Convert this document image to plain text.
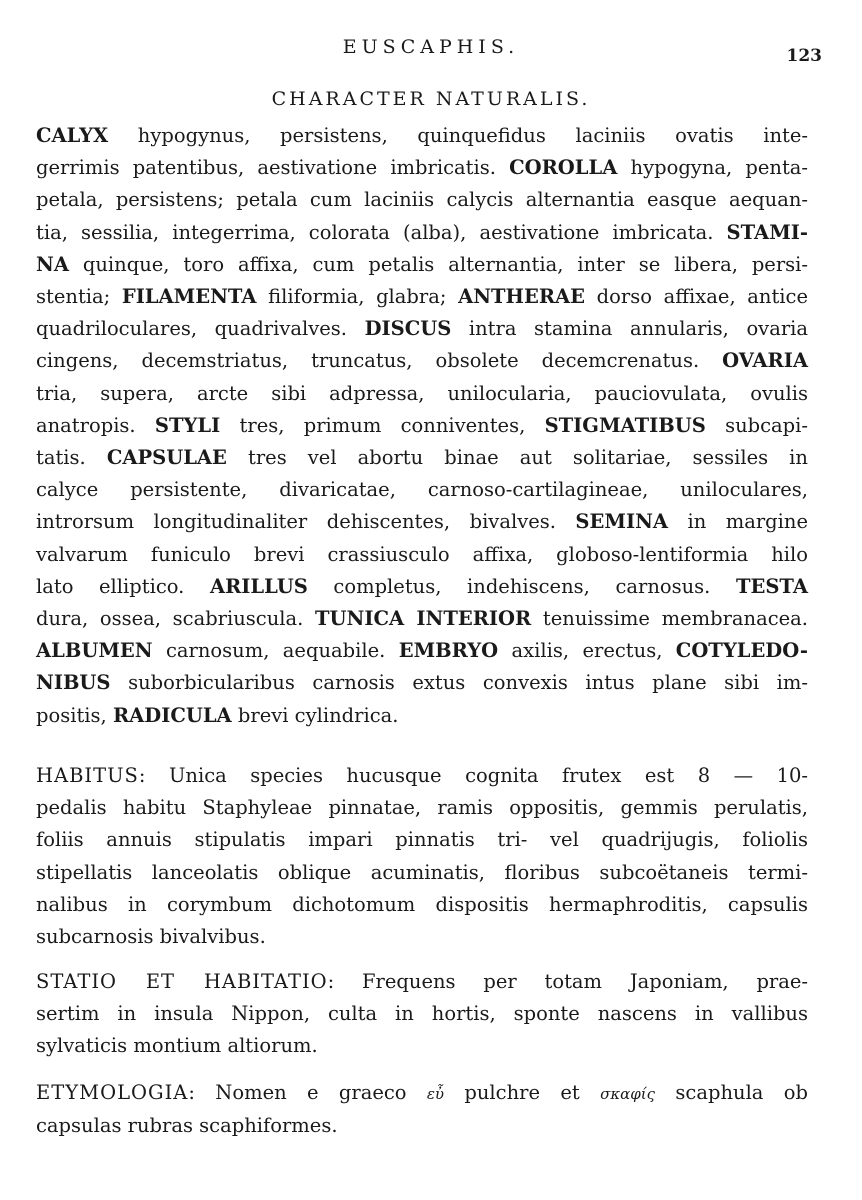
EUSCAPHIS.	123
CHARACTER NATURALIS.

CALYX hypogynus, persistens, quinquefidus laciniis ovatis inte-
gerrimis patentibus, aestivatione imbricatis. COROLLA hypogyna, penta-
petala, persistens; petala cum laciniis calycis alternantia easque aequan-
tia, sessilia, integerrima, colorata (alba), aestivatione imbricata. STAMI-
NA quinque, toro affixa, cum petalis alternantia, inter se libera, persi-
stentia; FILAMENTA filiformia, glabra; ANTHERAE dorso affixae, antice
quadriloculares, quadrivalves. DISCUS intra stamina annularis, ovaria
cingens, decemstriatus, truncatus, obsolete decemcrenatus. OVARIA
tria, supera, arcte sibi adpressa, unilocularia, pauciovulata, ovulis
anatropis. STYLI tres, primum conniventes, STIGMATIBUS subcapi-
tatis. CAPSULAE tres vel abortu binae aut solitariae, sessiles in
calyce persistente, divaricatae, carnoso-cartilagineae, uniloculares,
introrsum longitudinaliter dehiscentes, bivalves. SEMINA in margine
valvarum funiculo brevi crassiusculo affixa, globoso-lentiformia hilo
lato elliptico. ARILLUS completus, indehiscens, carnosus. TESTA
dura, ossea, scabriuscula. TUNICA INTERIOR tenuissime membranacea.
ALBUMEN carnosum, aequabile. EMBRYO axilis, erectus, COTYLEDO-
NIBUS suborbicularibus carnosis extus convexis intus plane sibi im-
positis, RADICULA brevi cylindrica.

HABITUS: Unica species hucusque cognita frutex est 8 — 10-
pedalis habitu Staphyleae pinnatae, ramis oppositis, gemmis perulatis,
foliis annuis stipulatis impari pinnatis tri- vel quadrijugis, foliolis
stipellatis lanceolatis oblique acuminatis, floribus subcoëtaneis termi-
nalibus in corymbum dichotomum dispositis hermaphroditis, capsulis
subcarnosis bivalvibus.

STATIO ET HABITATIO: Frequens per totam Japoniam, prae-
sertim in insula Nippon, culta in hortis, sponte nascens in vallibus
sylvaticis montium altiorum.

ETYMOLOGIA: Nomen e graeco εὖ pulchre et σκαφίς scaphula ob
capsulas rubras scaphiformes.
